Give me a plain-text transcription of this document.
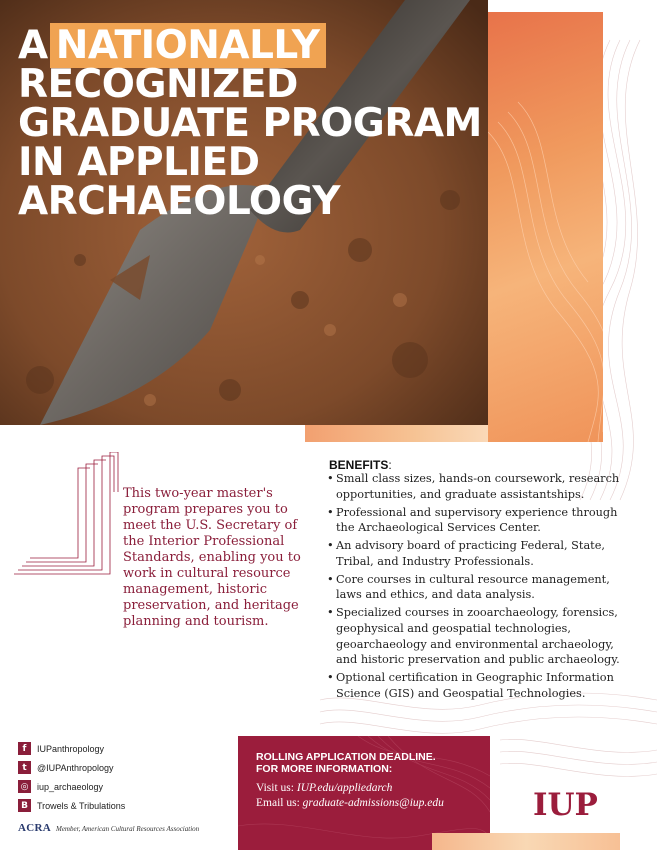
A NATIONALLY
RECOGNIZED
GRADUATE PROGRAM
IN APPLIED
ARCHAEOLOGY

This two-year master's program prepares you to meet the U.S. Secretary of the Interior Professional Standards, enabling you to work in cultural resource management, historic preservation, and heritage planning and tourism.

BENEFITS:
• Small class sizes, hands-on coursework, research opportunities, and graduate assistantships.
• Professional and supervisory experience through the Archaeological Services Center.
• An advisory board of practicing Federal, State, Tribal, and Industry Professionals.
• Core courses in cultural resource management, laws and ethics, and data analysis.
• Specialized courses in zooarchaeology, forensics, geophysical and geospatial technologies, geoarchaeology and environmental archaeology, and historic preservation and public archaeology.
• Optional certification in Geographic Information Science (GIS) and Geospatial Technologies.
f	IUPanthropology
t	@IUPAnthropology
◎ iup_archaeology
B	Trowels & Tribulations
ACRA Member, American Cultural Resources Association
ROLLING APPLICATION DEADLINE.
FOR MORE INFORMATION:
Visit us: IUP.edu/appliedarch
Email us: graduate-admissions@iup.edu	IUP
